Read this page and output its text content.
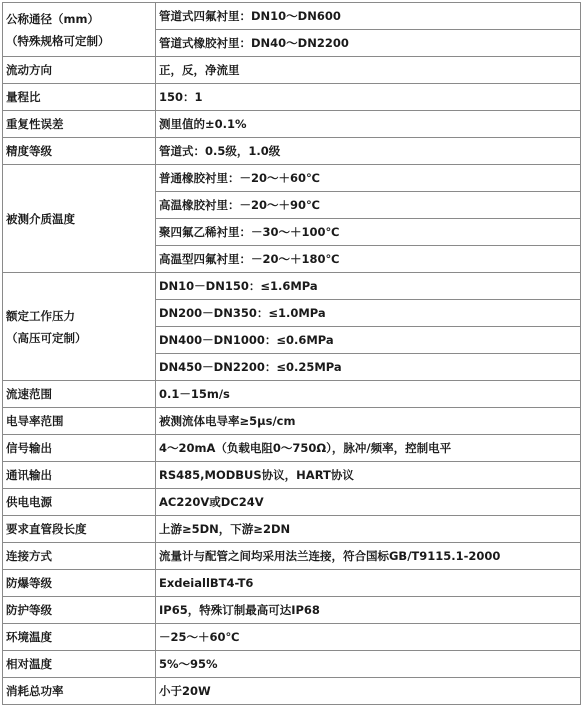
公称通径（mm）
（特殊规格可定制）	管道式四氟衬里：DN10～DN600
	管道式橡胶衬里：DN40～DN2200

流动方向	正，反，净流里

量程比	150：1

重复性误差	测里值的±0.1%

精度等级	管道式：0.5级，1.0级

被测介质温度	普通橡胶衬里：－20～＋60℃
	高温橡胶衬里：－20～＋90℃
	聚四氟乙稀衬里：－30～＋100℃
	高温型四氟衬里：－20～＋180℃

额定工作压力
（高压可定制）	DN10－DN150：≤1.6MPa
	DN200－DN350：≤1.0MPa
	DN400－DN1000：≤0.6MPa
	DN450－DN2200：≤0.25MPa

流速范围	0.1－15m/s

电导率范围	被测流体电导率≥5μs/cm

信号输出	4～20mA（负载电阻0～750Ω），脉冲/频率，控制电平

通讯输出	RS485,MODBUS协议，HART协议

供电电源	AC220V或DC24V

要求直管段长度	上游≥5DN，下游≥2DN

连接方式	流量计与配管之间均采用法兰连接，符合国标GB/T9115.1-2000

防爆等级	ExdeiallBT4-T6

防护等级	IP65，特殊订制最高可达IP68

环境温度	－25～＋60℃

相对温度	5%～95%

消耗总功率	小于20W
